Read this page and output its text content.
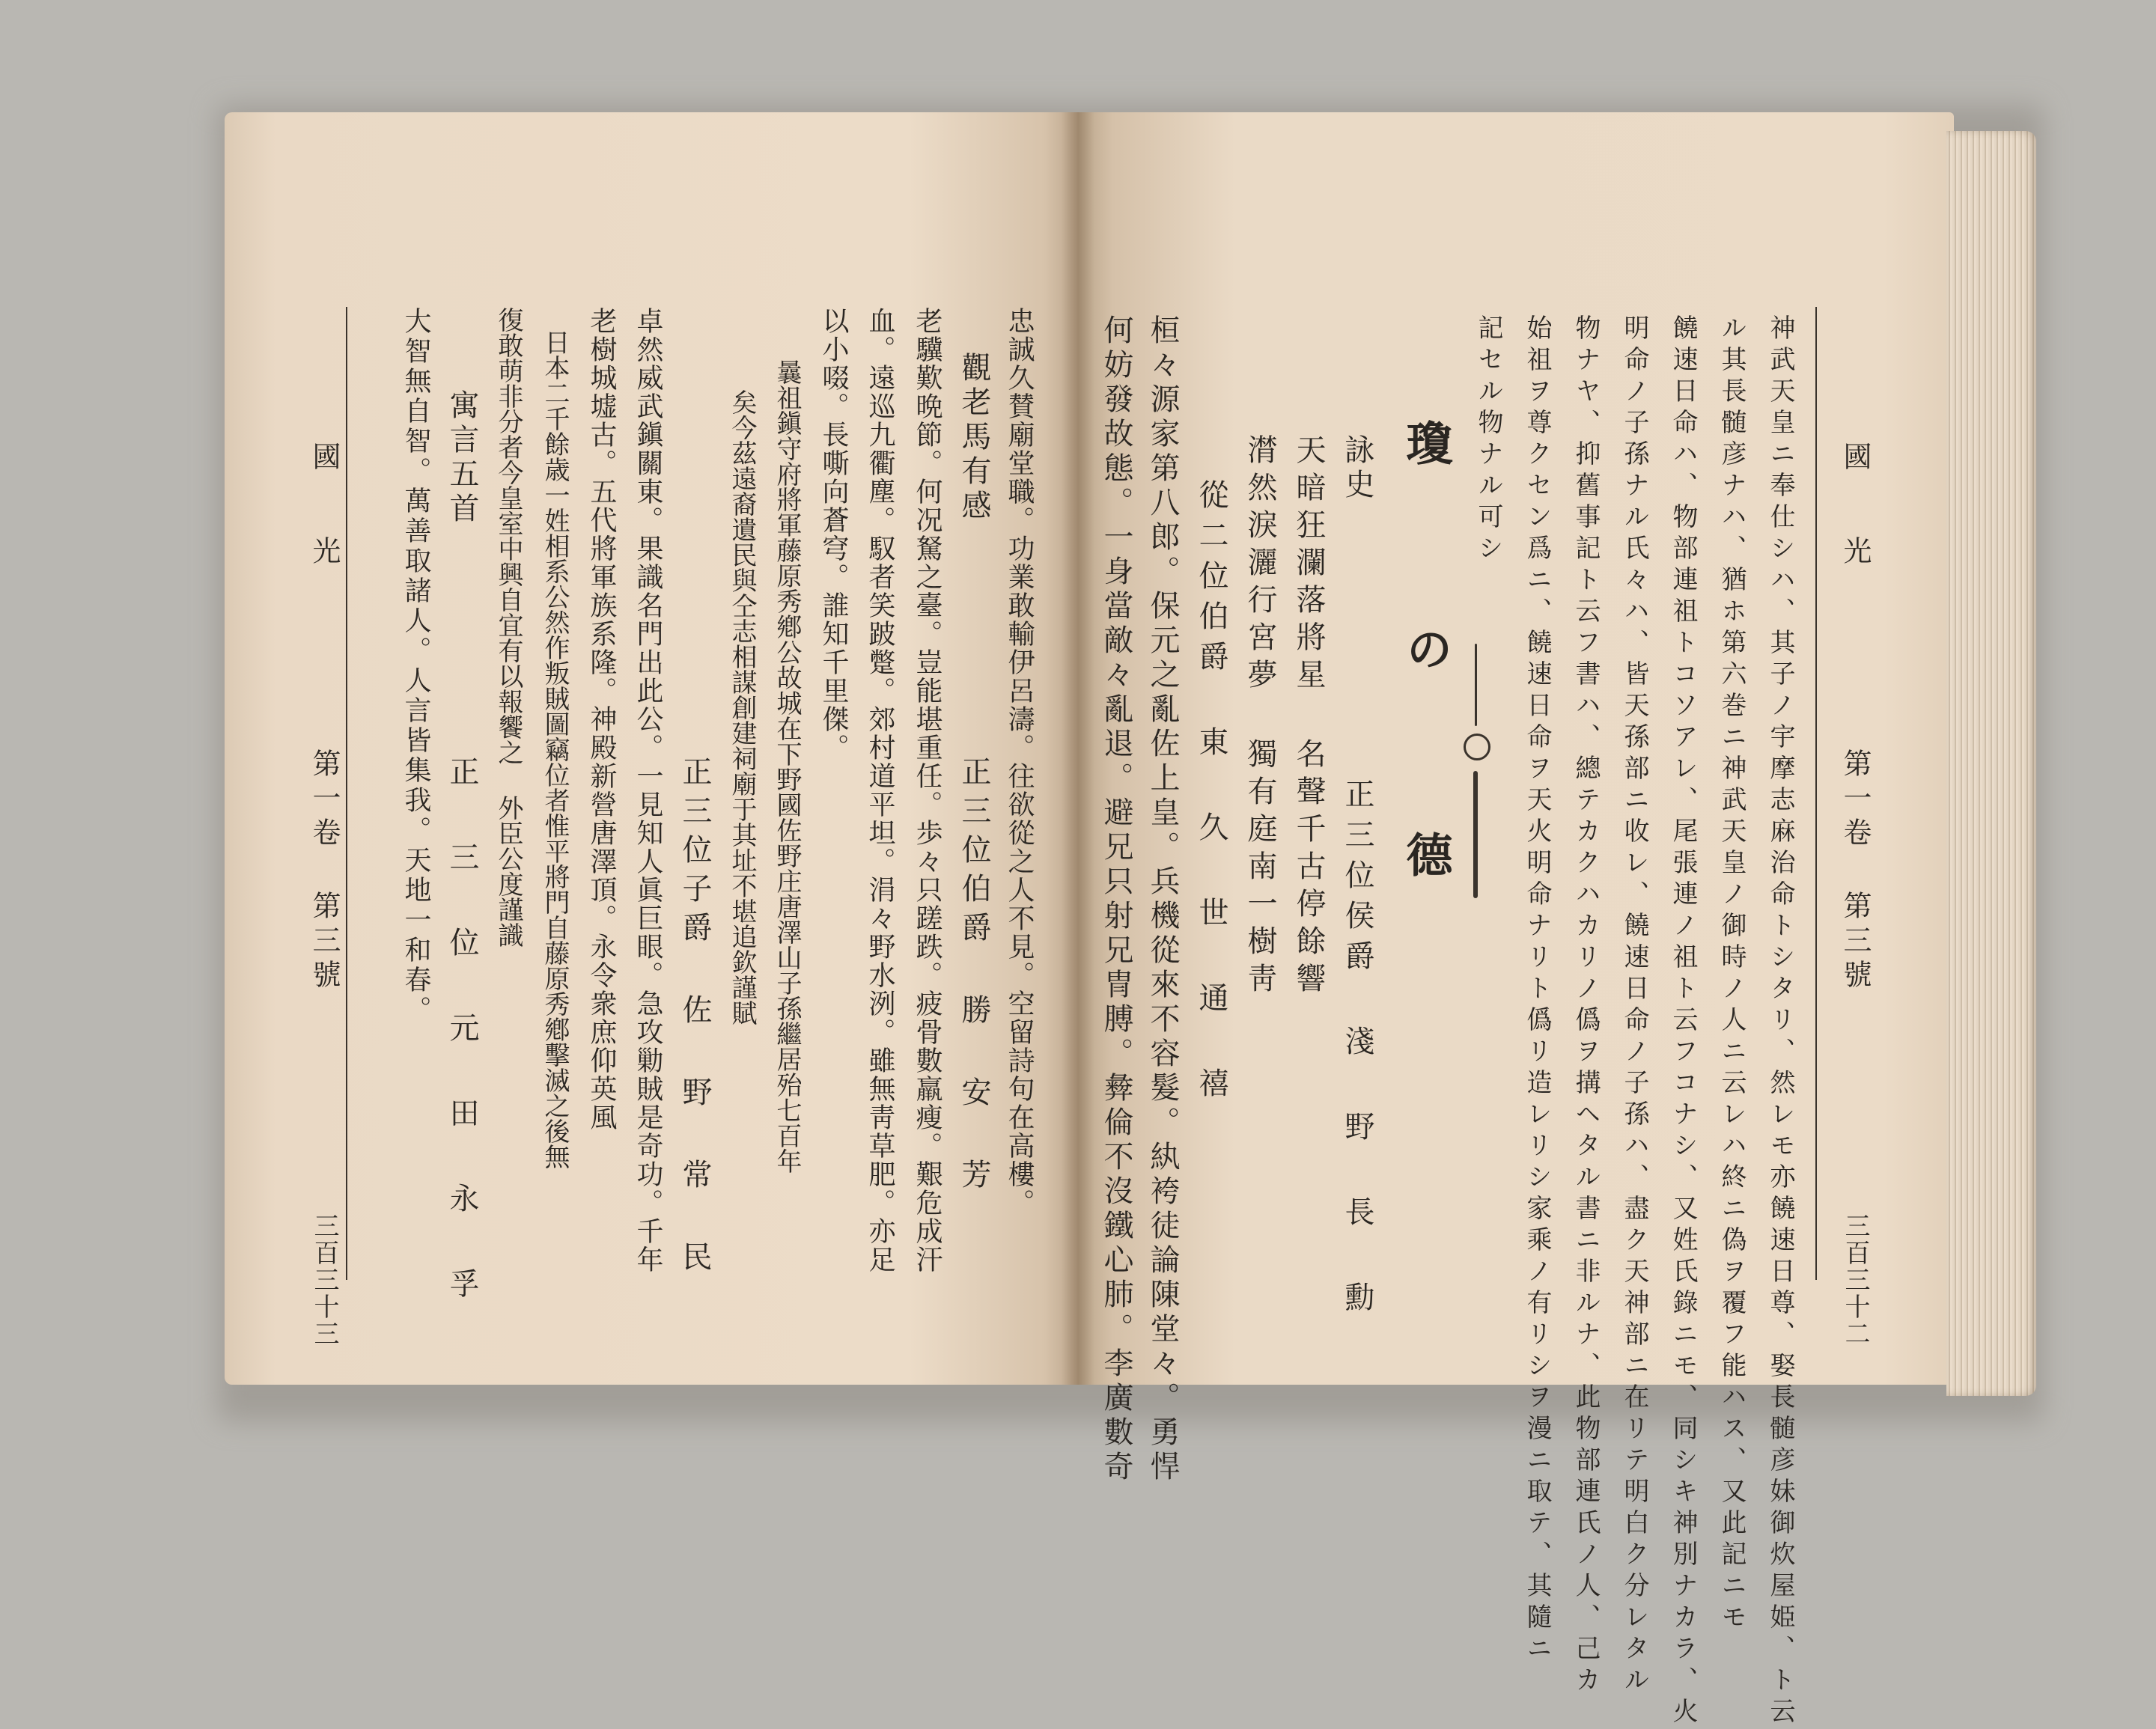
國 光
第一卷 第三號
三百三十二
神武天皇ニ奉仕シハ、其子ノ宇摩志麻治命トシタリ、然レモ亦饒速日尊、娶長髄彦妹御炊屋姫、ト云
ル其長髄彦ナハ、猶ホ第六巻ニ神武天皇ノ御時ノ人ニ云レハ終ニ偽ヲ覆フ能ハス、又此記ニモ
饒速日命ハ、物部連祖トコソアレ、尾張連ノ祖ト云フコナシ、又姓氏錄ニモ、同シキ神別ナカラ、火
明命ノ子孫ナル氏々ハ、皆天孫部ニ收レ、饒速日命ノ子孫ハ、盡ク天神部ニ在リテ明白ク分レタル
物ナヤ、抑舊事記ト云フ書ハ、總テカクハカリノ僞ヲ搆ヘタル書ニ非ルナ、此物部連氏ノ人、己カ
始祖ヲ尊クセン爲ニ、饒速日命ヲ天火明命ナリト僞リ造レリシ家乘ノ有リシヲ漫ニ取テ、其隨ニ
記セル物ナル可シ
瓊 の 德
正三位侯爵 淺 野 長 勳
詠史
天暗狂瀾落將星 名聲千古停餘響
潸然淚灑行宮夢 獨有庭南一樹靑
從二位伯爵 東 久 世 通 禧
桓々源家第八郎。保元之亂佐上皇。兵機從來不容髮。紈袴徒論陳堂々。勇悍
何妨發故態。一身當敵々亂退。避兄只射兄冑膊。彜倫不沒鐵心肺。李廣數奇
國 光
第一卷 第三號
三百三十三
忠誠久賛廟堂職。功業敢輸伊呂濤。往欲從之人不見。空留詩句在高樓。
觀老馬有感
正三位伯爵 勝 安 芳
老驥歎晩節。何况駑之臺。豈能堪重任。歩々只蹉跌。疲骨數羸瘦。艱危成汗
血。遠巡九衢塵。馭者笑跛蹩。郊村道平坦。涓々野水洌。雖無靑草肥。亦足
以小啜。長嘶向蒼穹。誰知千里傑。
曩祖鎭守府將軍藤原秀鄕公故城在下野國佐野庄唐澤山子孫繼居殆七百年
矣今茲遠裔遺民與仝志相謀創建祠廟于其址不堪追欽謹賦
正三位子爵 佐 野 常 民
卓然威武鎭關東。果識名門出此公。一見知人眞巨眼。急攻勦賊是奇功。千年
老樹城墟古。五代將軍族系隆。神殿新營唐澤頂。永令衆庶仰英風
日本二千餘歳一姓相系公然作叛賊圖竊位者惟平將門自藤原秀鄕擊滅之後無
復敢萌非分者今皇室中興自宜有以報饗之 外臣公度謹識
寓言五首
正 三 位 元 田 永 孚
大智無自智。萬善取諸人。人言皆集我。天地一和春。
